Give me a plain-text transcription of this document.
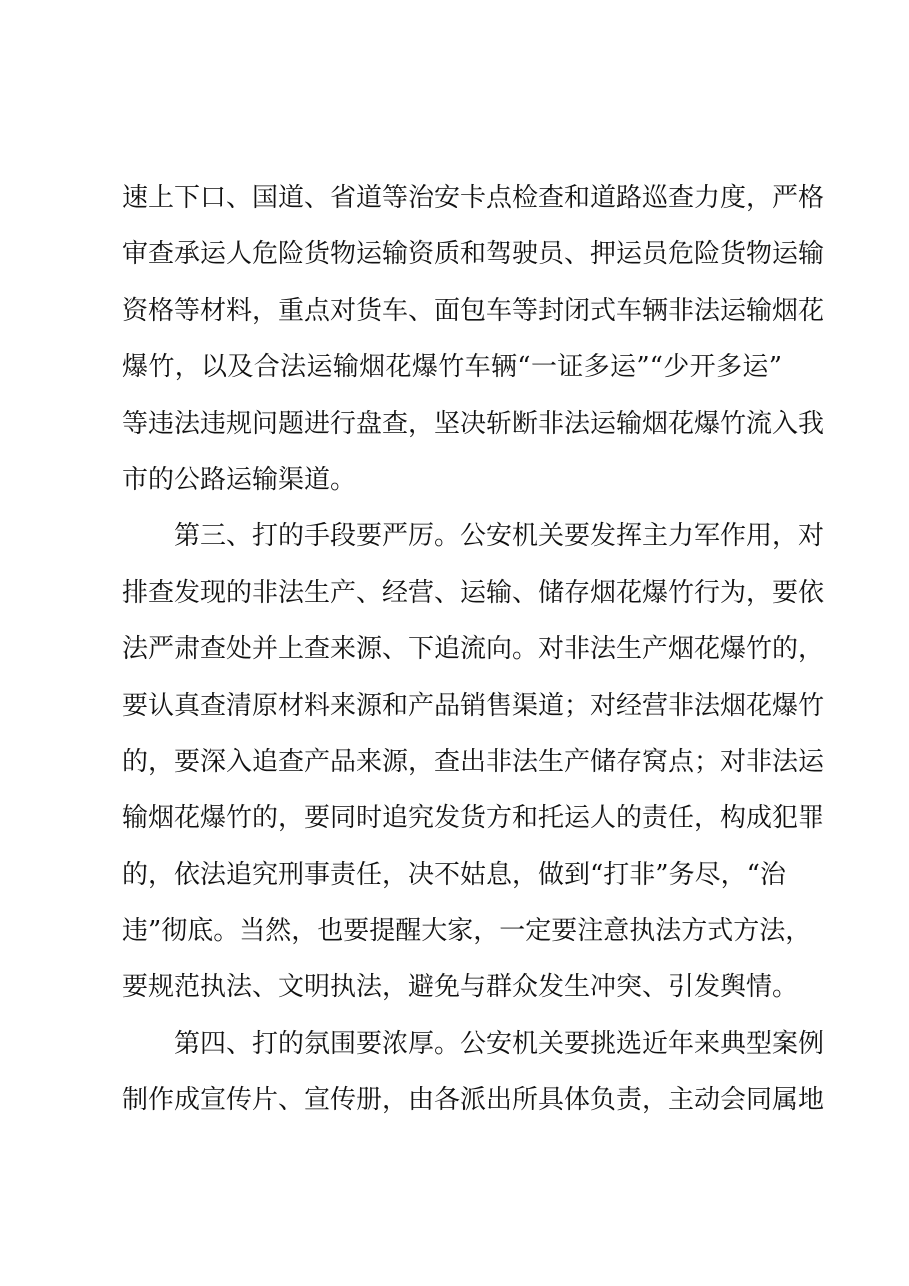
速上下口、国道、省道等治安卡点检查和道路巡查力度，严格
审查承运人危险货物运输资质和驾驶员、押运员危险货物运输
资格等材料，重点对货车、面包车等封闭式车辆非法运输烟花
爆竹，以及合法运输烟花爆竹车辆“一证多运”“少开多运”
等违法违规问题进行盘查，坚决斩断非法运输烟花爆竹流入我
市的公路运输渠道。
第三、打的手段要严厉。公安机关要发挥主力军作用，对
排查发现的非法生产、经营、运输、储存烟花爆竹行为，要依
法严肃查处并上查来源、下追流向。对非法生产烟花爆竹的，
要认真查清原材料来源和产品销售渠道；对经营非法烟花爆竹
的，要深入追查产品来源，查出非法生产储存窝点；对非法运
输烟花爆竹的，要同时追究发货方和托运人的责任，构成犯罪
的，依法追究刑事责任，决不姑息，做到“打非”务尽，“治
违”彻底。当然，也要提醒大家，一定要注意执法方式方法，
要规范执法、文明执法，避免与群众发生冲突、引发舆情。
第四、打的氛围要浓厚。公安机关要挑选近年来典型案例
制作成宣传片、宣传册，由各派出所具体负责，主动会同属地
